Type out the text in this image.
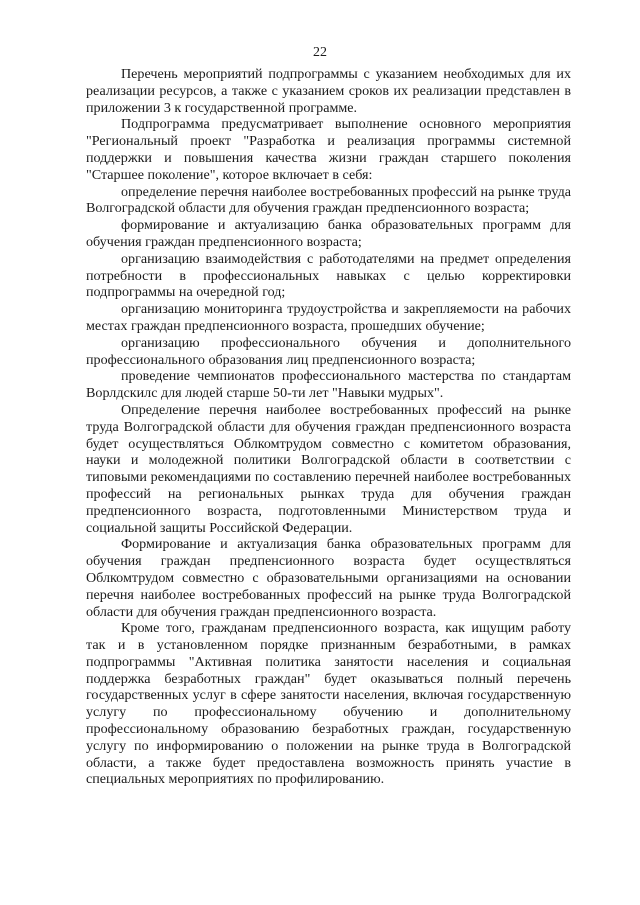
22

Перечень мероприятий подпрограммы с указанием необходимых для их реализации ресурсов, а также с указанием сроков их реализации представлен в приложении 3 к государственной программе.

Подпрограмма предусматривает выполнение основного мероприятия "Региональный проект "Разработка и реализация программы системной поддержки и повышения качества жизни граждан старшего поколения "Старшее поколение", которое включает в себя:

определение перечня наиболее востребованных профессий на рынке труда Волгоградской области для обучения граждан предпенсионного возраста;

формирование и актуализацию банка образовательных программ для обучения граждан предпенсионного возраста;

организацию взаимодействия с работодателями на предмет определения потребности в профессиональных навыках с целью корректировки подпрограммы на очередной год;

организацию мониторинга трудоустройства и закрепляемости на рабочих местах граждан предпенсионного возраста, прошедших обучение;

организацию профессионального обучения и дополнительного профессионального образования лиц предпенсионного возраста;

проведение чемпионатов профессионального мастерства по стандартам Ворлдскилс для людей старше 50-ти лет "Навыки мудрых".

Определение перечня наиболее востребованных профессий на рынке труда Волгоградской области для обучения граждан предпенсионного возраста будет осуществляться Облкомтрудом совместно с комитетом образования, науки и молодежной политики Волгоградской области в соответствии с типовыми рекомендациями по составлению перечней наиболее востребованных профессий на региональных рынках труда для обучения граждан предпенсионного возраста, подготовленными Министерством труда и социальной защиты Российской Федерации.

Формирование и актуализация банка образовательных программ для обучения граждан предпенсионного возраста будет осуществляться Облкомтрудом совместно с образовательными организациями на основании перечня наиболее востребованных профессий на рынке труда Волгоградской области для обучения граждан предпенсионного возраста.

Кроме того, гражданам предпенсионного возраста, как ищущим работу так и в установленном порядке признанным безработными, в рамках подпрограммы "Активная политика занятости населения и социальная поддержка безработных граждан" будет оказываться полный перечень государственных услуг в сфере занятости населения, включая государственную услугу по профессиональному обучению и дополнительному профессиональному образованию безработных граждан, государственную услугу по информированию о положении на рынке труда в Волгоградской области, а также будет предоставлена возможность принять участие в специальных мероприятиях по профилированию.
